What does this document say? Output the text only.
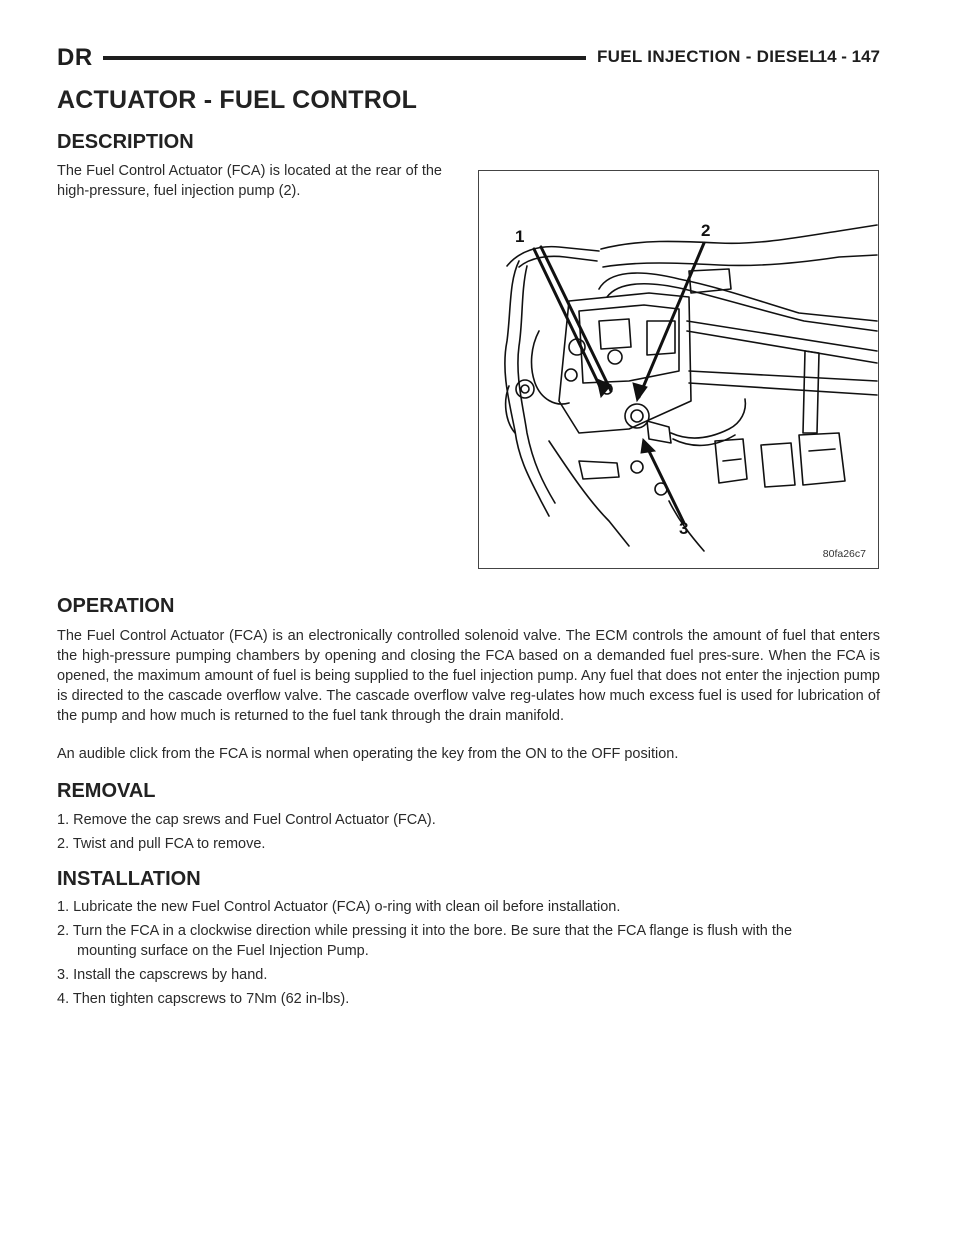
DR	FUEL INJECTION - DIESEL
14 - 147
ACTUATOR - FUEL CONTROL
DESCRIPTION

The Fuel Control Actuator (FCA) is located at the rear of the high-pressure, fuel injection pump (2).

1	2
3
80fa26c7
OPERATION

The Fuel Control Actuator (FCA) is an electronically controlled solenoid valve. The ECM controls the amount of fuel that enters the high-pressure pumping chambers by opening and closing the FCA based on a demanded fuel pres-sure. When the FCA is opened, the maximum amount of fuel is being supplied to the fuel injection pump. Any fuel that does not enter the injection pump is directed to the cascade overflow valve. The cascade overflow valve reg-ulates how much excess fuel is used for lubrication of the pump and how much is returned to the fuel tank through the drain manifold.

An audible click from the FCA is normal when operating the key from the ON to the OFF position.

REMOVAL

1. Remove the cap srews and Fuel Control Actuator (FCA).

2. Twist and pull FCA to remove.

INSTALLATION

1. Lubricate the new Fuel Control Actuator (FCA) o-ring with clean oil before installation.

2. Turn the FCA in a clockwise direction while pressing it into the bore. Be sure that the FCA flange is flush with the
mounting surface on the Fuel Injection Pump.

3. Install the capscrews by hand.

4. Then tighten capscrews to 7Nm (62 in-lbs).
